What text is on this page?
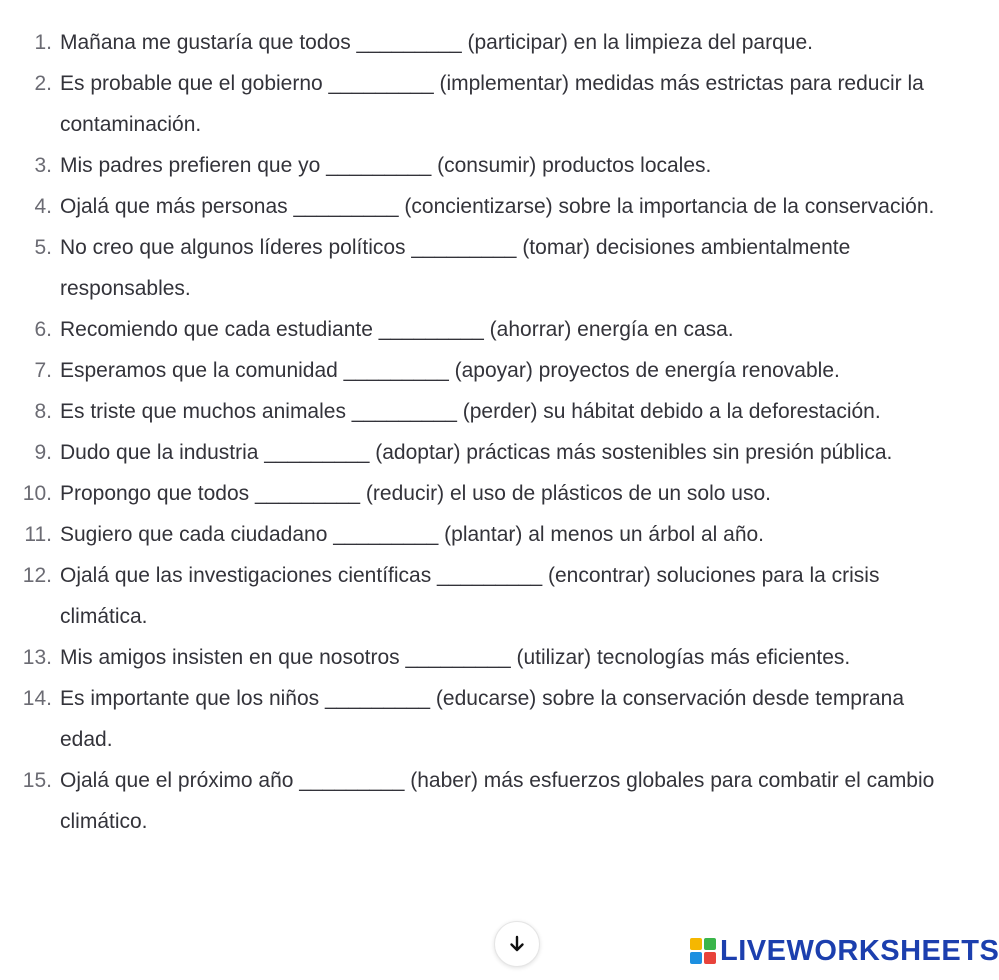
1. Mañana me gustaría que todos _________ (participar) en la limpieza del parque.
2. Es probable que el gobierno _________ (implementar) medidas más estrictas para reducir la contaminación.
3. Mis padres prefieren que yo _________ (consumir) productos locales.
4. Ojalá que más personas _________ (concientizarse) sobre la importancia de la conservación.
5. No creo que algunos líderes políticos _________ (tomar) decisiones ambientalmente responsables.
6. Recomiendo que cada estudiante _________ (ahorrar) energía en casa.
7. Esperamos que la comunidad _________ (apoyar) proyectos de energía renovable.
8. Es triste que muchos animales _________ (perder) su hábitat debido a la deforestación.
9. Dudo que la industria _________ (adoptar) prácticas más sostenibles sin presión pública.
10. Propongo que todos _________ (reducir) el uso de plásticos de un solo uso.
11. Sugiero que cada ciudadano _________ (plantar) al menos un árbol al año.
12. Ojalá que las investigaciones científicas _________ (encontrar) soluciones para la crisis climática.
13. Mis amigos insisten en que nosotros _________ (utilizar) tecnologías más eficientes.
14. Es importante que los niños _________ (educarse) sobre la conservación desde temprana edad.
15. Ojalá que el próximo año _________ (haber) más esfuerzos globales para combatir el cambio climático.
LIVEWORKSHEETS
